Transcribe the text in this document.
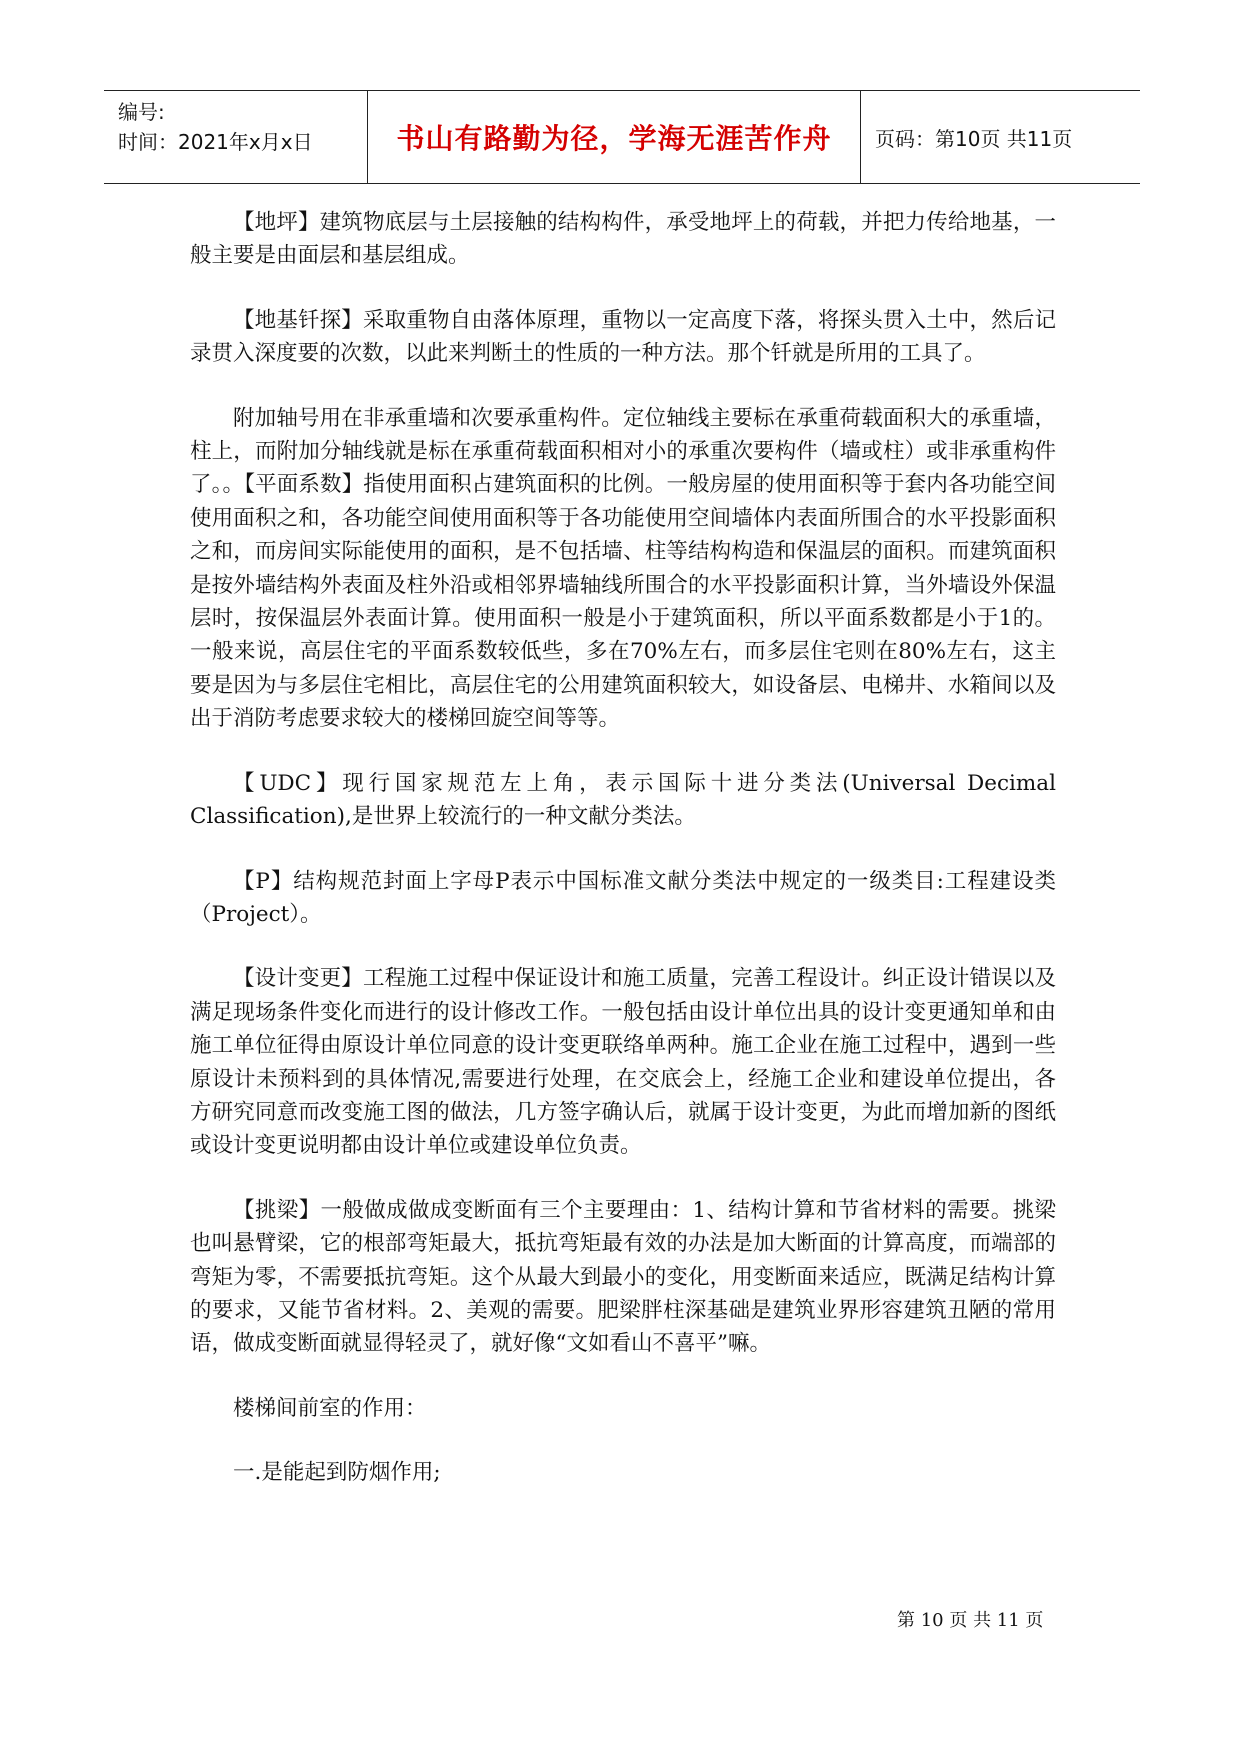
编号:
时间：2021年x月x日	书山有路勤为径，学海无涯苦作舟 页码：第10页 共11页

【地坪】建筑物底层与土层接触的结构构件，承受地坪上的荷载，并把力传给地基，一般主要是由面层和基层组成。

【地基钎探】采取重物自由落体原理，重物以一定高度下落，将探头贯入土中，然后记录贯入深度要的次数，以此来判断土的性质的一种方法。那个钎就是所用的工具了。

附加轴号用在非承重墙和次要承重构件。定位轴线主要标在承重荷载面积大的承重墙，柱上，而附加分轴线就是标在承重荷载面积相对小的承重次要构件（墙或柱）或非承重构件了。。【平面系数】指使用面积占建筑面积的比例。一般房屋的使用面积等于套内各功能空间使用面积之和，各功能空间使用面积等于各功能使用空间墙体内表面所围合的水平投影面积之和，而房间实际能使用的面积，是不包括墙、柱等结构构造和保温层的面积。而建筑面积是按外墙结构外表面及柱外沿或相邻界墙轴线所围合的水平投影面积计算，当外墙设外保温层时，按保温层外表面计算。使用面积一般是小于建筑面积，所以平面系数都是小于1的。一般来说，高层住宅的平面系数较低些，多在70%左右，而多层住宅则在80%左右，这主要是因为与多层住宅相比，高层住宅的公用建筑面积较大，如设备层、电梯井、水箱间以及出于消防考虑要求较大的楼梯回旋空间等等。

【UDC】现行国家规范左上角，表示国际十进分类法(Universal Decimal Classification),是世界上较流行的一种文献分类法。

【P】结构规范封面上字母P表示中国标准文献分类法中规定的一级类目:工程建设类（Project）。

【设计变更】工程施工过程中保证设计和施工质量，完善工程设计。纠正设计错误以及满足现场条件变化而进行的设计修改工作。一般包括由设计单位出具的设计变更通知单和由施工单位征得由原设计单位同意的设计变更联络单两种。施工企业在施工过程中，遇到一些原设计未预料到的具体情况,需要进行处理，在交底会上，经施工企业和建设单位提出，各方研究同意而改变施工图的做法，几方签字确认后，就属于设计变更，为此而增加新的图纸或设计变更说明都由设计单位或建设单位负责。

【挑梁】一般做成做成变断面有三个主要理由：1、结构计算和节省材料的需要。挑梁也叫悬臂梁，它的根部弯矩最大，抵抗弯矩最有效的办法是加大断面的计算高度，而端部的弯矩为零，不需要抵抗弯矩。这个从最大到最小的变化，用变断面来适应，既满足结构计算的要求，又能节省材料。2、美观的需要。肥梁胖柱深基础是建筑业界形容建筑丑陋的常用语，做成变断面就显得轻灵了，就好像“文如看山不喜平”嘛。

楼梯间前室的作用：

一.是能起到防烟作用;

第 10 页 共 11 页
